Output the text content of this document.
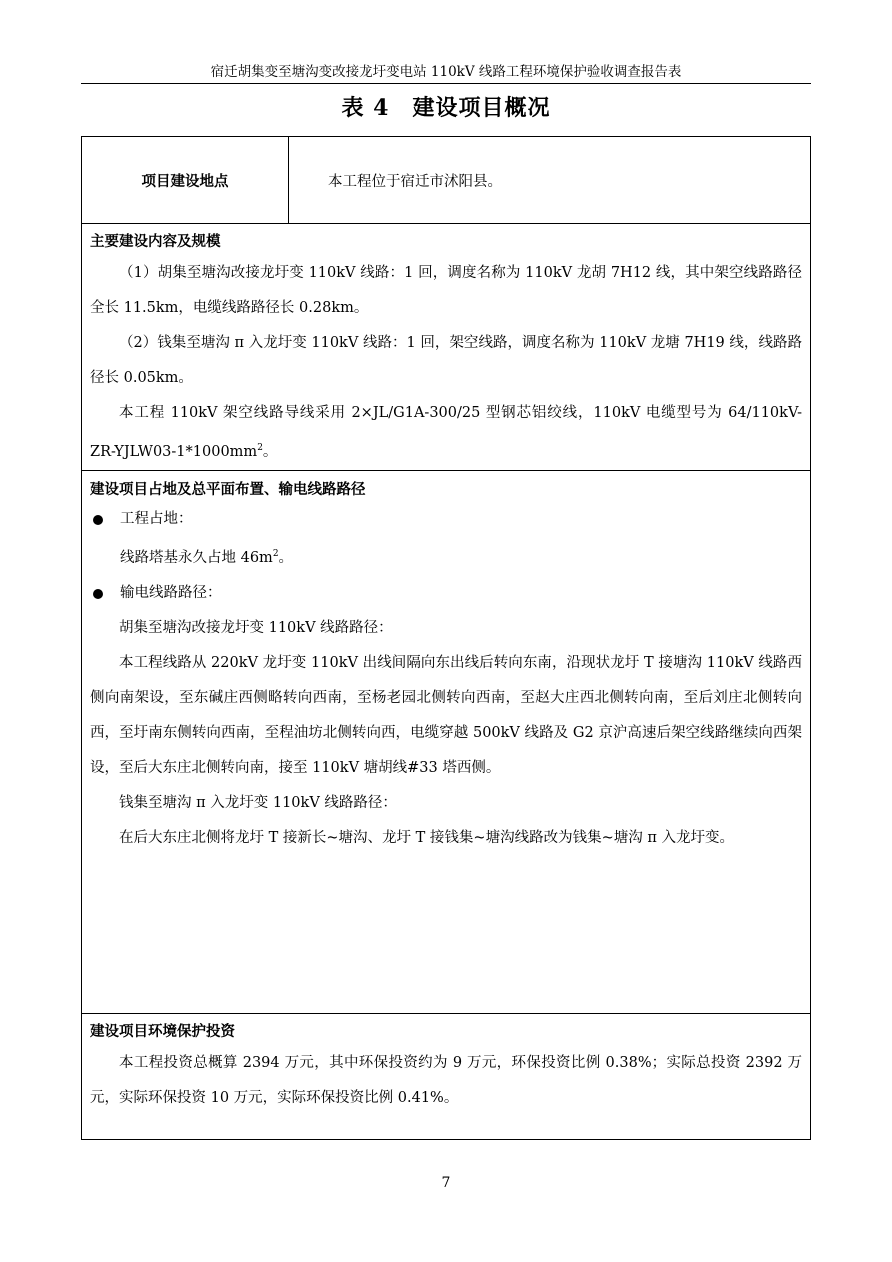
宿迁胡集变至塘沟变改接龙圩变电站 110kV 线路工程环境保护验收调查报告表
表 4　建设项目概况
项目建设地点	本工程位于宿迁市沭阳县。

主要建设内容及规模

（1）胡集至塘沟改接龙圩变 110kV 线路：1 回，调度名称为 110kV 龙胡 7H12 线，其中架空线路路径全长 11.5km，电缆线路路径长 0.28km。

（2）钱集至塘沟 π 入龙圩变 110kV 线路：1 回，架空线路，调度名称为 110kV 龙塘 7H19 线，线路路径长 0.05km。

本工程 110kV 架空线路导线采用 2×JL/G1A-300/25 型钢芯铝绞线，110kV 电缆型号为 $64/110kV-ZR-YJLW03-1*1000mm^2$。

建设项目占地及总平面布置、输电线路路径

工程占地：

线路塔基永久占地 $46m^2$。

输电线路路径：

胡集至塘沟改接龙圩变 110kV 线路路径：

本工程线路从 220kV 龙圩变 110kV 出线间隔向东出线后转向东南，沿现状龙圩 T 接塘沟 110kV 线路西侧向南架设，至东碱庄西侧略转向西南，至杨老园北侧转向西南，至赵大庄西北侧转向南，至后刘庄北侧转向西，至圩南东侧转向西南，至程油坊北侧转向西，电缆穿越 500kV 线路及 G2 京沪高速后架空线路继续向西架设，至后大东庄北侧转向南，接至 110kV 塘胡线#33 塔西侧。

钱集至塘沟 π 入龙圩变 110kV 线路路径：

在后大东庄北侧将龙圩 T 接新长~塘沟、龙圩 T 接钱集~塘沟线路改为钱集~塘沟 π 入龙圩变。

建设项目环境保护投资

本工程投资总概算 2394 万元，其中环保投资约为 9 万元，环保投资比例 0.38%；实际总投资 2392 万元，实际环保投资 10 万元，实际环保投资比例 0.41%。

7
